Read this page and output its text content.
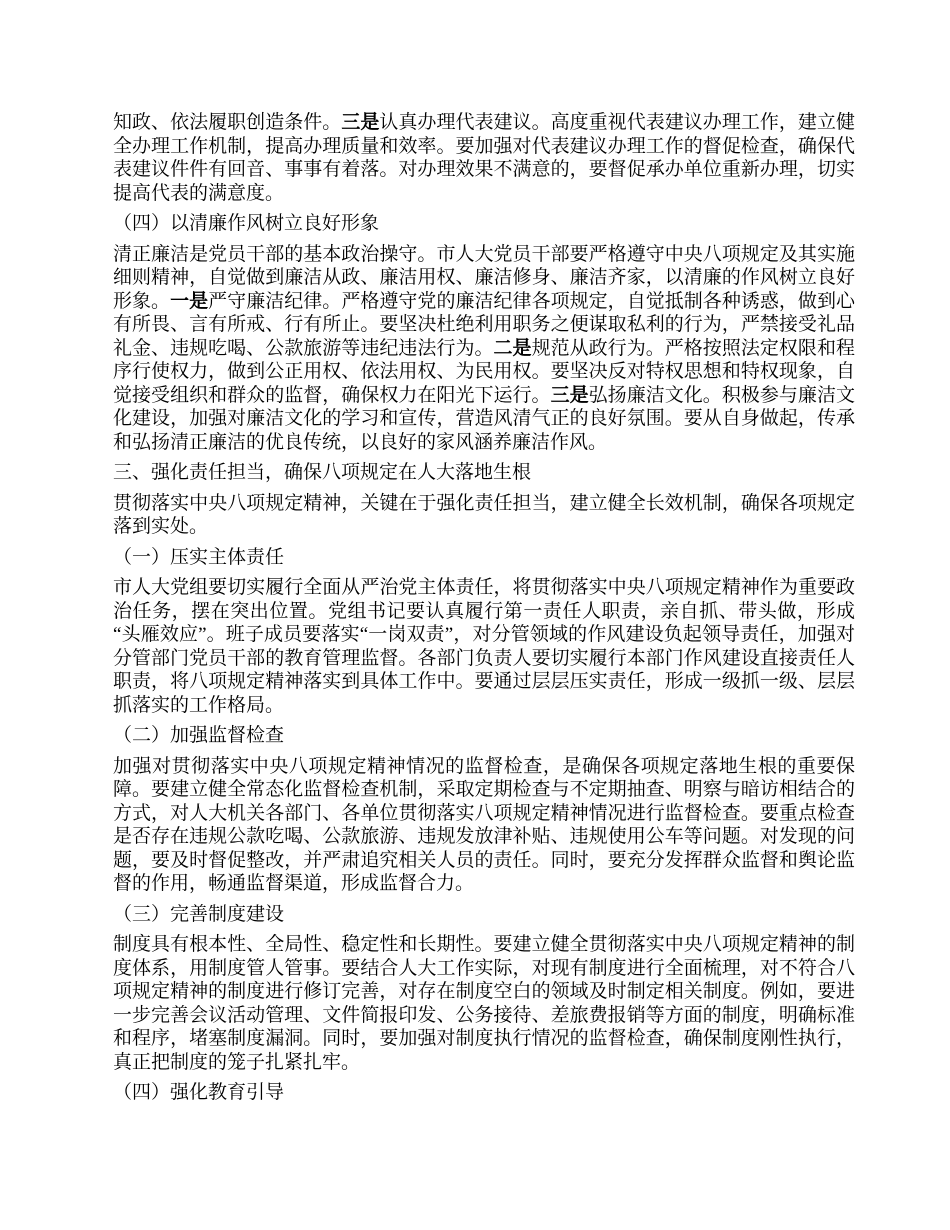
知政、依法履职创造条件。三是认真办理代表建议。高度重视代表建议办理工作，建立健全办理工作机制，提高办理质量和效率。要加强对代表建议办理工作的督促检查，确保代表建议件件有回音、事事有着落。对办理效果不满意的，要督促承办单位重新办理，切实提高代表的满意度。

（四）以清廉作风树立良好形象

清正廉洁是党员干部的基本政治操守。市人大党员干部要严格遵守中央八项规定及其实施细则精神，自觉做到廉洁从政、廉洁用权、廉洁修身、廉洁齐家，以清廉的作风树立良好形象。一是严守廉洁纪律。严格遵守党的廉洁纪律各项规定，自觉抵制各种诱惑，做到心有所畏、言有所戒、行有所止。要坚决杜绝利用职务之便谋取私利的行为，严禁接受礼品礼金、违规吃喝、公款旅游等违纪违法行为。二是规范从政行为。严格按照法定权限和程序行使权力，做到公正用权、依法用权、为民用权。要坚决反对特权思想和特权现象，自觉接受组织和群众的监督，确保权力在阳光下运行。三是弘扬廉洁文化。积极参与廉洁文化建设，加强对廉洁文化的学习和宣传，营造风清气正的良好氛围。要从自身做起，传承和弘扬清正廉洁的优良传统，以良好的家风涵养廉洁作风。

三、强化责任担当，确保八项规定在人大落地生根

贯彻落实中央八项规定精神，关键在于强化责任担当，建立健全长效机制，确保各项规定落到实处。

（一）压实主体责任

市人大党组要切实履行全面从严治党主体责任，将贯彻落实中央八项规定精神作为重要政治任务，摆在突出位置。党组书记要认真履行第一责任人职责，亲自抓、带头做，形成“头雁效应”。班子成员要落实“一岗双责”，对分管领域的作风建设负起领导责任，加强对分管部门党员干部的教育管理监督。各部门负责人要切实履行本部门作风建设直接责任人职责，将八项规定精神落实到具体工作中。要通过层层压实责任，形成一级抓一级、层层抓落实的工作格局。

（二）加强监督检查

加强对贯彻落实中央八项规定精神情况的监督检查，是确保各项规定落地生根的重要保障。要建立健全常态化监督检查机制，采取定期检查与不定期抽查、明察与暗访相结合的方式，对人大机关各部门、各单位贯彻落实八项规定精神情况进行监督检查。要重点检查是否存在违规公款吃喝、公款旅游、违规发放津补贴、违规使用公车等问题。对发现的问题，要及时督促整改，并严肃追究相关人员的责任。同时，要充分发挥群众监督和舆论监督的作用，畅通监督渠道，形成监督合力。

（三）完善制度建设

制度具有根本性、全局性、稳定性和长期性。要建立健全贯彻落实中央八项规定精神的制度体系，用制度管人管事。要结合人大工作实际，对现有制度进行全面梳理，对不符合八项规定精神的制度进行修订完善，对存在制度空白的领域及时制定相关制度。例如，要进一步完善会议活动管理、文件简报印发、公务接待、差旅费报销等方面的制度，明确标准和程序，堵塞制度漏洞。同时，要加强对制度执行情况的监督检查，确保制度刚性执行，真正把制度的笼子扎紧扎牢。

（四）强化教育引导
